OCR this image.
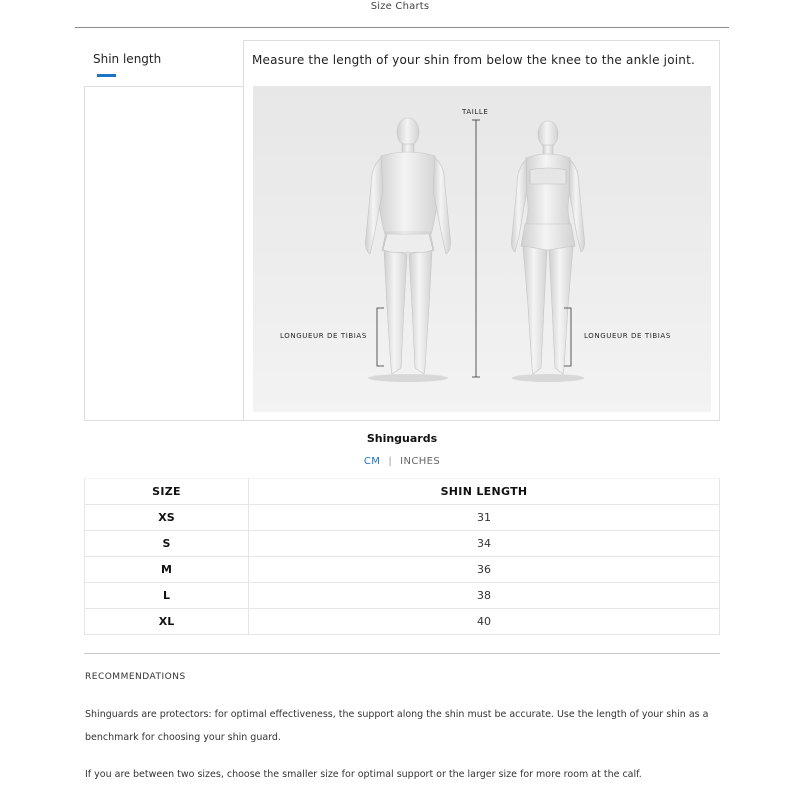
Size Charts
Shin length	Measure the length of your shin from below the knee to the ankle joint.
TAILLE
LONGUEUR DE TIBIAS	LONGUEUR DE TIBIAS
Shinguards
CM | INCHES
SIZE	SHIN LENGTH
XS	31
S	34
M	36
L	38
XL	40
RECOMMENDATIONS
Shinguards are protectors: for optimal effectiveness, the support along the shin must be accurate. Use the length of your shin as a benchmark for choosing your shin guard.
If you are between two sizes, choose the smaller size for optimal support or the larger size for more room at the calf.
